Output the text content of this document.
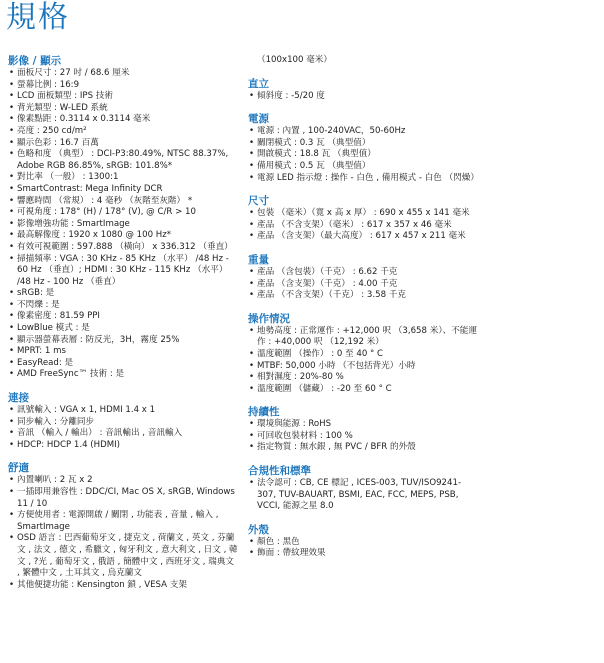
規格
影像 / 顯示
• 面板尺寸 : 27 吋 / 68.6 厘米
• 螢幕比例 : 16:9
• LCD 面板類型 : IPS 技術
• 背光類型 : W-LED 系統
• 像素點距 : 0.3114 x 0.3114 毫米
• 亮度 : 250 cd/m²
• 顯示色彩 : 16.7 百萬
• 色略和度 （典型） : DCI-P3:80.49%, NTSC 88.37%, Adobe RGB 86.85%, sRGB: 101.8%*
• 對比率 （一般） : 1300:1
• SmartContrast: Mega Infinity DCR
• 響應時間 （常規） : 4 毫秒 （灰階至灰階） *
• 可視角度 : 178° (H) / 178° (V), @ C/R > 10
• 影像增強功能 : SmartImage
• 最高解像度 : 1920 x 1080 @ 100 Hz*
• 有效可視範圍 : 597.888 （橫向） x 336.312 （垂直）
• 掃描頻率 : VGA : 30 KHz - 85 KHz （水平） /48 Hz - 60 Hz （垂直）; HDMI : 30 KHz - 115 KHz （水平） /48 Hz - 100 Hz （垂直）
• sRGB: 是
• 不閃爍 : 是
• 像素密度 : 81.59 PPI
• LowBlue 模式 : 是
• 顯示器螢幕表層 : 防反光，3H，霧度 25%
• MPRT: 1 ms
• EasyRead: 是
• AMD FreeSync™ 技術 : 是
連接
• 訊號輸入 : VGA x 1, HDMI 1.4 x 1
• 同步輸入 : 分離同步
• 音訊 （輸入 / 輸出） : 音訊輸出 , 音訊輸入
• HDCP: HDCP 1.4 (HDMI)
舒適
• 內置喇叭 : 2 瓦 x 2
• 一插即用兼容性 : DDC/CI, Mac OS X, sRGB, Windows 11 / 10
• 方便使用者 : 電源開啟 / 關閉 , 功能表 , 音量 , 輸入 , SmartImage
• OSD 語言 : 巴西葡萄牙文 , 捷克文 , 荷蘭文 , 英文 , 芬蘭文 , 法文 , 德文 , 希臘文 , 匈牙利文 , 意大利文 , 日文 , 韓文 , ?光 , 葡萄牙文 , 俄語 , 簡體中文 , 西班牙文 , 瑞典文 , 繁體中文 , 土耳其文 , 烏克蘭文
• 其他便捷功能 : Kensington 鎖 , VESA 支架
（100x100 毫米）
直立
• 傾斜度 : -5/20 度
電源
• 電源 : 內置 , 100-240VAC，50-60Hz
• 關閉模式 : 0.3 瓦 （典型值）
• 開啟模式 : 18.8 瓦 （典型值）
• 備用模式 : 0.5 瓦 （典型值）
• 電源 LED 指示燈 : 操作 - 白色 , 備用模式 - 白色 （閃燥）
尺寸
• 包裝 （毫米）（寬 x 高 x 厚） : 690 x 455 x 141 毫米
• 產品 （不含支架）（毫米） : 617 x 357 x 46 毫米
• 產品 （含支架）（最大高度） : 617 x 457 x 211 毫米
重量
• 產品 （含包裝）（千克） : 6.62 千克
• 產品 （含支架）（千克） : 4.00 千克
• 產品 （不含支架）（千克） : 3.58 千克
操作情況
• 地勢高度 : 正常運作 : +12,000 呎 （3,658 米）、不能運作 : +40,000 呎 （12,192 米）
• 溫度範圍 （操作） : 0 至 40 ° C
• MTBF: 50,000 小時 （不包括背光）小時
• 相對濕度 : 20%-80 %
• 溫度範圍 （儲藏） : -20 至 60 ° C
持續性
• 環境與能源 : RoHS
• 可回收包裝材料 : 100 %
• 指定物質 : 無水銀 , 無 PVC / BFR 的外殼
合規性和標準
• 法令認可 : CB, CE 標記 , ICES-003, TUV/ISO9241-307, TUV-BAUART, BSMI, EAC, FCC, MEPS, PSB, VCCI, 能源之星 8.0
外殼
• 顏色 : 黑色
• 飾面 : 帶紋理效果
